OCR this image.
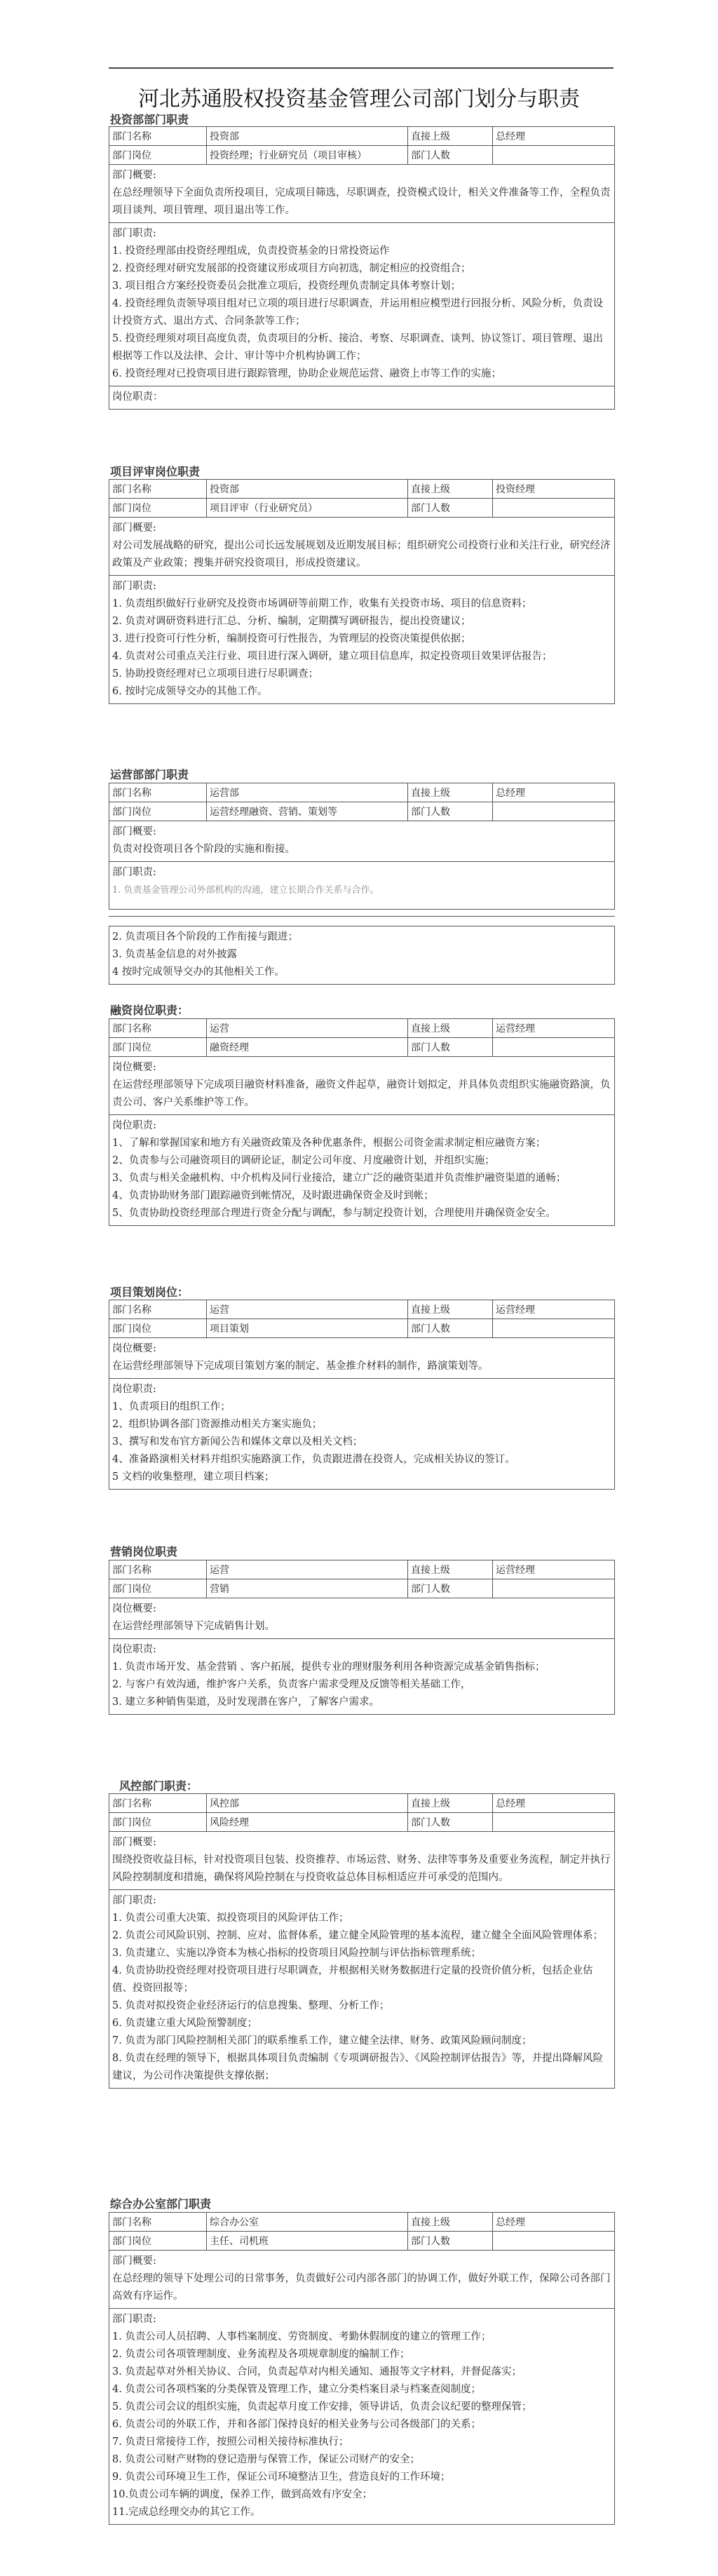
河北苏通股权投资基金管理公司部门划分与职责
投资部部门职责
部门名称	投资部	直接上级	总经理
部门岗位	投资经理；行业研究员（项目审核）	部门人数
部门概要:
在总经理领导下全面负责所投项目，完成项目筛选，尽职调查，投资模式设计，相关文件准备等工作，全程负责项目谈判、项目管理、项目退出等工作。
部门职责:
1. 投资经理部由投资经理组成，负责投资基金的日常投资运作
2. 投资经理对研究发展部的投资建议形成项目方向初选，制定相应的投资组合；
3. 项目组合方案经投资委员会批准立项后，投资经理负责制定具体考察计划；
4. 投资经理负责领导项目组对已立项的项目进行尽职调查，并运用相应模型进行回报分析、风险分析，负责设计投资方式、退出方式、合同条款等工作；
5. 投资经理须对项目高度负责，负责项目的分析、接洽、考察、尽职调查、谈判、协议签订、项目管理、退出根据等工作以及法律、会计、审计等中介机构协调工作；
6. 投资经理对已投资项目进行跟踪管理，协助企业规范运营、融资上市等工作的实施；
岗位职责：
项目评审岗位职责
部门名称	投资部	直接上级	投资经理
部门岗位	项目评审（行业研究员）	部门人数
部门概要:
对公司发展战略的研究，提出公司长远发展规划及近期发展目标；组织研究公司投资行业和关注行业，研究经济政策及产业政策；搜集并研究投资项目，形成投资建议。
部门职责:
1. 负责组织做好行业研究及投资市场调研等前期工作，收集有关投资市场、项目的信息资料；
2. 负责对调研资料进行汇总、分析、编制，定期撰写调研报告，提出投资建议；
3. 进行投资可行性分析，编制投资可行性报告，为管理层的投资决策提供依据；
4. 负责对公司重点关注行业、项目进行深入调研，建立项目信息库，拟定投资项目效果评估报告；
5. 协助投资经理对已立项项目进行尽职调查；
6. 按时完成领导交办的其他工作。
运营部部门职责
部门名称	运营部	直接上级	总经理
部门岗位	运营经理融资、营销、策划等	部门人数
部门概要:
负责对投资项目各个阶段的实施和衔接。
部门职责:
1. 负责基金管理公司外部机构的沟通，建立长期合作关系与合作。
2. 负责项目各个阶段的工作衔接与跟进；
3. 负责基金信息的对外披露
4 按时完成领导交办的其他相关工作。
融资岗位职责：
部门名称	运营	直接上级	运营经理
部门岗位	融资经理	部门人数
岗位概要:
在运营经理部领导下完成项目融资材料准备，融资文件起草，融资计划拟定，并具体负责组织实施融资路演，负责公司、客户关系维护等工作。
岗位职责:
1、了解和掌握国家和地方有关融资政策及各种优惠条件，根据公司资金需求制定相应融资方案；
2、负责参与公司融资项目的调研论证，制定公司年度、月度融资计划，并组织实施；
3、负责与相关金融机构、中介机构及同行业接洽，建立广泛的融资渠道并负责维护融资渠道的通畅；
4、负责协助财务部门跟踪融资到帐情况，及时跟进确保资金及时到帐；
5、负责协助投资经理部合理进行资金分配与调配，参与制定投资计划，合理使用并确保资金安全。
项目策划岗位：
部门名称	运营	直接上级	运营经理
部门岗位	项目策划	部门人数
岗位概要:
在运营经理部领导下完成项目策划方案的制定、基金推介材料的制作，路演策划等。
岗位职责:
1、负责项目的组织工作；
2、组织协调各部门资源推动相关方案实施负；
3、撰写和发布官方新闻公告和媒体文章以及相关文档；
4、准备路演相关材料并组织实施路演工作，负责跟进潜在投资人，完成相关协议的签订。
5 文档的收集整理，建立项目档案；
营销岗位职责
部门名称	运营	直接上级	运营经理
部门岗位	营销	部门人数
岗位概要:
在运营经理部领导下完成销售计划。
岗位职责:
1. 负责市场开发、基金营销 、客户拓展，提供专业的理财服务利用各种资源完成基金销售指标；
2. 与客户有效沟通，维护客户关系，负责客户需求受理及反馈等相关基础工作，
3. 建立多种销售渠道，及时发现潜在客户，了解客户需求。
风控部门职责：
部门名称	风控部	直接上级	总经理
部门岗位	风险经理	部门人数
部门概要:
围绕投资收益目标，针对投资项目包装、投资推荐、市场运营、财务、法律等事务及重要业务流程，制定并执行风险控制制度和措施，确保将风险控制在与投资收益总体目标相适应并可承受的范围内。
部门职责:
1. 负责公司重大决策、拟投资项目的风险评估工作；
2. 负责公司风险识别、控制、应对、监督体系，建立健全风险管理的基本流程，建立健全全面风险管理体系；
3. 负责建立、实施以净资本为核心指标的投资项目风险控制与评估指标管理系统；
4. 负责协助投资经理对投资项目进行尽职调查，并根据相关财务数据进行定量的投资价值分析，包括企业估值、投资回报等；
5. 负责对拟投资企业经济运行的信息搜集、整理、分析工作；
6. 负责建立重大风险预警制度；
7. 负责为部门风险控制相关部门的联系维系工作，建立健全法律、财务、政策风险顾问制度；
8. 负责在经理的领导下，根据具体项目负责编制《专项调研报告》、《风险控制评估报告》等，并提出降解风险建议，为公司作决策提供支撑依据；
综合办公室部门职责
部门名称	综合办公室	直接上级	总经理
部门岗位	主任、司机班	部门人数
部门概要:
在总经理的领导下处理公司的日常事务，负责做好公司内部各部门的协调工作，做好外联工作，保障公司各部门高效有序运作。
部门职责:
1. 负责公司人员招聘、人事档案制度、劳资制度、考勤休假制度的建立的管理工作；
2. 负责公司各项管理制度、业务流程及各项规章制度的编制工作；
3. 负责起草对外相关协议、合同，负责起草对内相关通知、通报等文字材料，并督促落实；
4. 负责公司各项档案的分类保管及管理工作，建立分类档案目录与档案查阅制度；
5. 负责公司会议的组织实施，负责起草月度工作安排，领导讲话，负责会议纪要的整理保管；
6. 负责公司的外联工作，并和各部门保持良好的相关业务与公司各级部门的关系；
7. 负责日常接待工作，按照公司相关接待标准执行；
8. 负责公司财产财物的登记造册与保管工作，保证公司财产的安全；
9. 负责公司环境卫生工作，保证公司环境整洁卫生，营造良好的工作环境；
10.负责公司车辆的调度，保养工作，做到高效有序安全；
11.完成总经理交办的其它工作。
